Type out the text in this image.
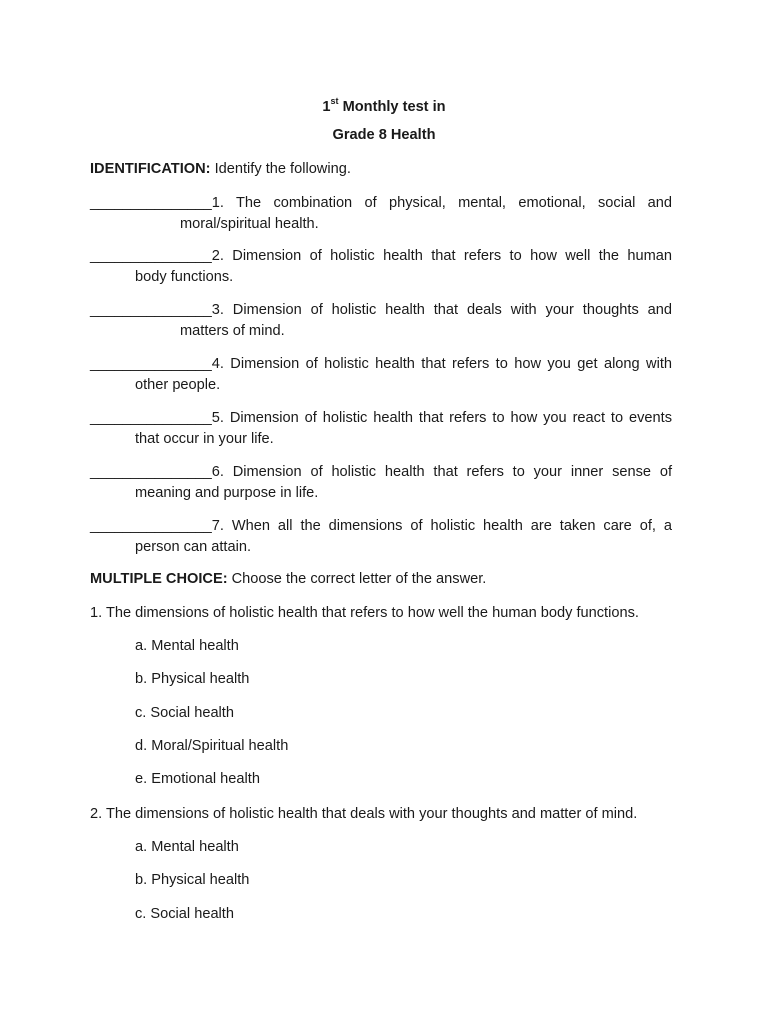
1st Monthly test in
Grade 8 Health
IDENTIFICATION: Identify the following.
_______________1. The combination of physical, mental, emotional, social and
moral/spiritual health.
_______________2. Dimension of holistic health that refers to how well the human
body functions.
_______________3. Dimension of holistic health that deals with your thoughts and
matters of mind.
_______________4. Dimension of holistic health that refers to how you get along with
other people.
_______________5. Dimension of holistic health that refers to how you react to events
that occur in your life.
_______________6. Dimension of holistic health that refers to your inner sense of
meaning and purpose in life.
_______________7. When all the dimensions of holistic health are taken care of, a
person can attain.
MULTIPLE CHOICE: Choose the correct letter of the answer.
1. The dimensions of holistic health that refers to how well the human body functions.
a. Mental health
b. Physical health
c. Social health
d. Moral/Spiritual health
e. Emotional health
2. The dimensions of holistic health that deals with your thoughts and matter of mind.
a. Mental health
b. Physical health
c. Social health
